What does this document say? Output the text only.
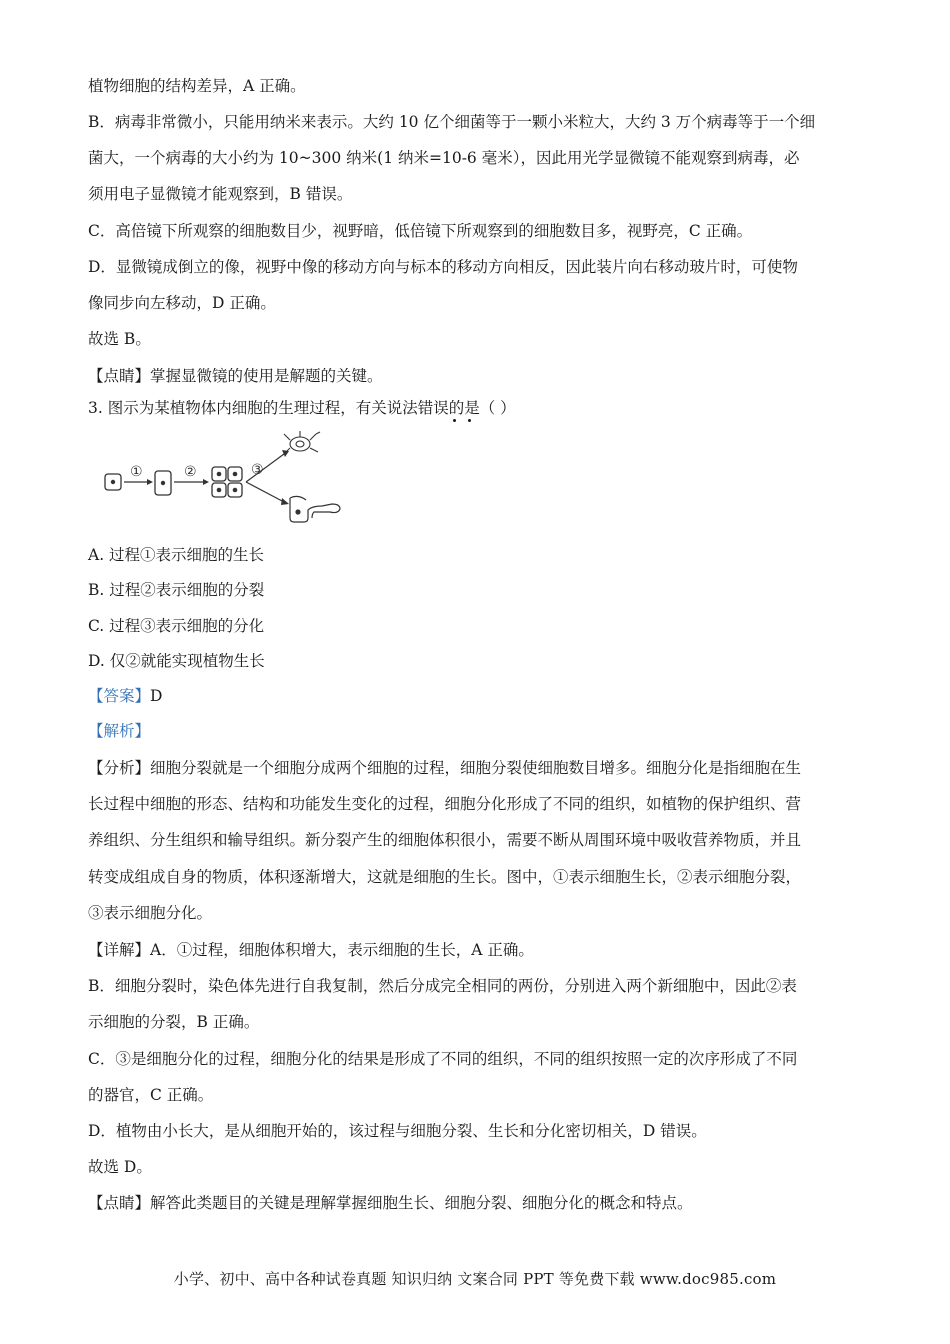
植物细胞的结构差异，A 正确。
B．病毒非常微小，只能用纳米来表示。大约 10 亿个细菌等于一颗小米粒大，大约 3 万个病毒等于一个细
菌大，一个病毒的大小约为 10~300 纳米(1 纳米=10-6 毫米），因此用光学显微镜不能观察到病毒，必
须用电子显微镜才能观察到，B 错误。
C．高倍镜下所观察的细胞数目少，视野暗，低倍镜下所观察到的细胞数目多，视野亮，C 正确。
D．显微镜成倒立的像，视野中像的移动方向与标本的移动方向相反，因此装片向右移动玻片时，可使物
像同步向左移动，D 正确。
故选 B。
【点睛】掌握显微镜的使用是解题的关键。
3. 图示为某植物体内细胞的生理过程，有关说法错误的是（ ）
①	②	③
A. 过程①表示细胞的生长
B. 过程②表示细胞的分裂
C. 过程③表示细胞的分化
D. 仅②就能实现植物生长
【答案】D
【解析】
【分析】细胞分裂就是一个细胞分成两个细胞的过程，细胞分裂使细胞数目增多。细胞分化是指细胞在生
长过程中细胞的形态、结构和功能发生变化的过程，细胞分化形成了不同的组织，如植物的保护组织、营
养组织、分生组织和输导组织。新分裂产生的细胞体积很小，需要不断从周围环境中吸收营养物质，并且
转变成组成自身的物质，体积逐渐增大，这就是细胞的生长。图中，①表示细胞生长，②表示细胞分裂，
③表示细胞分化。
【详解】A．①过程，细胞体积增大，表示细胞的生长，A 正确。
B．细胞分裂时，染色体先进行自我复制，然后分成完全相同的两份，分别进入两个新细胞中，因此②表
示细胞的分裂，B 正确。
C．③是细胞分化的过程，细胞分化的结果是形成了不同的组织，不同的组织按照一定的次序形成了不同
的器官，C 正确。
D．植物由小长大，是从细胞开始的，该过程与细胞分裂、生长和分化密切相关，D 错误。
故选 D。
【点睛】解答此类题目的关键是理解掌握细胞生长、细胞分裂、细胞分化的概念和特点。
小学、初中、高中各种试卷真题 知识归纳 文案合同 PPT 等免费下载 www.doc985.com
